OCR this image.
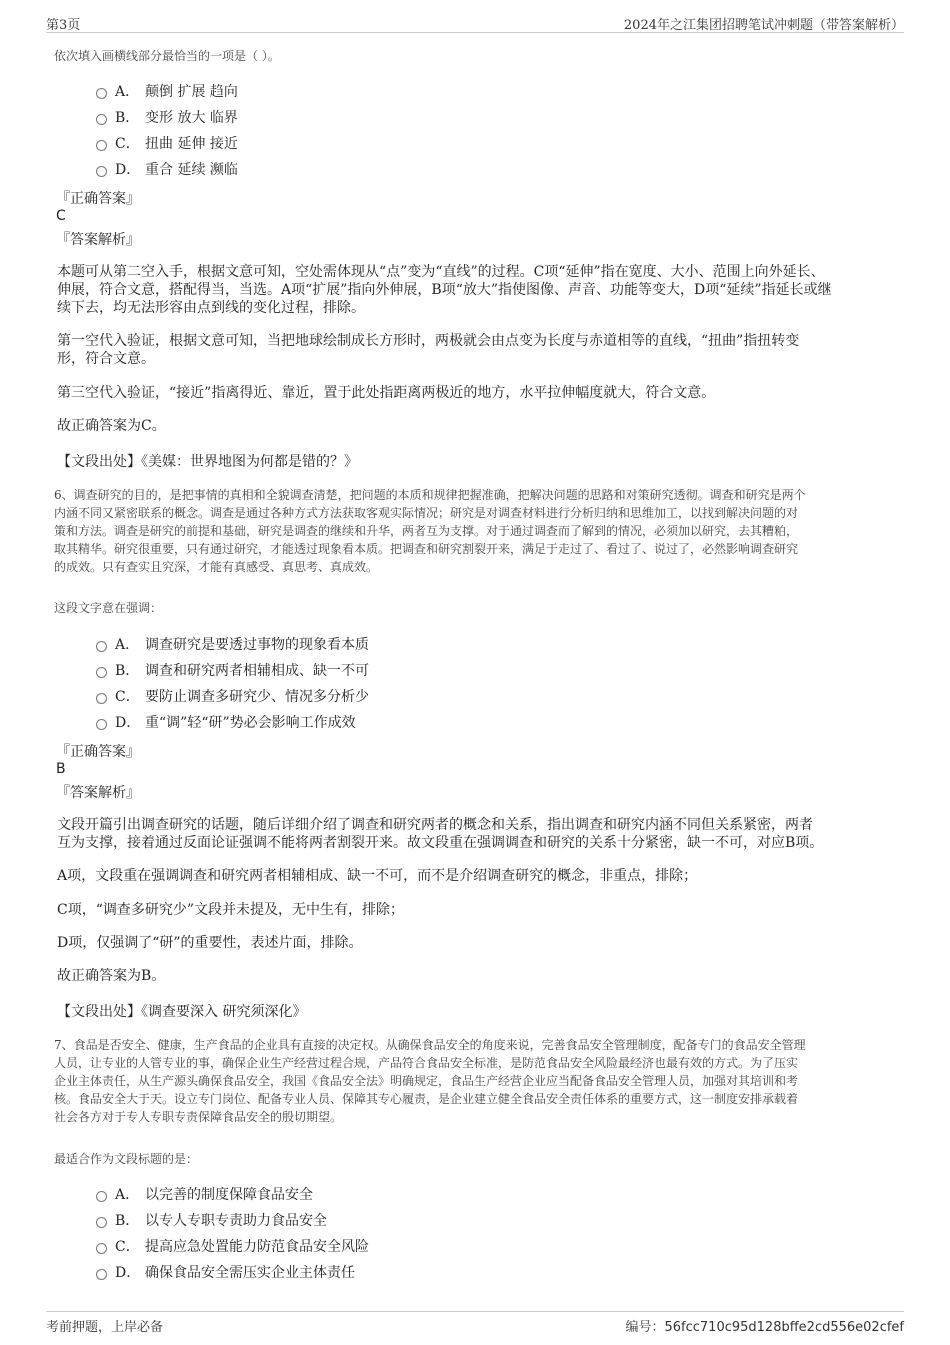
第3页	2024年之江集团招聘笔试冲刺题（带答案解析）
依次填入画横线部分最恰当的一项是（ ）。
A． 颠倒 扩展 趋向
B． 变形 放大 临界
C． 扭曲 延伸 接近
D． 重合 延续 濒临
『正确答案』
C
『答案解析』
本题可从第二空入手，根据文意可知，空处需体现从“点”变为“直线”的过程。C项“延伸”指在宽度、大小、范围上向外延长、
伸展，符合文意，搭配得当，当选。A项“扩展”指向外伸展，B项“放大”指使图像、声音、功能等变大，D项“延续”指延长或继
续下去，均无法形容由点到线的变化过程，排除。
第一空代入验证，根据文意可知，当把地球绘制成长方形时，两极就会由点变为长度与赤道相等的直线，“扭曲”指扭转变
形，符合文意。
第三空代入验证，“接近”指离得近、靠近，置于此处指距离两极近的地方，水平拉伸幅度就大，符合文意。
故正确答案为C。
【文段出处】《美媒：世界地图为何都是错的？》
6、调查研究的目的，是把事情的真相和全貌调查清楚，把问题的本质和规律把握准确，把解决问题的思路和对策研究透彻。调查和研究是两个
内涵不同又紧密联系的概念。调查是通过各种方式方法获取客观实际情况；研究是对调查材料进行分析归纳和思维加工，以找到解决问题的对
策和方法。调查是研究的前提和基础，研究是调查的继续和升华，两者互为支撑。对于通过调查而了解到的情况，必须加以研究，去其糟粕，
取其精华。研究很重要，只有通过研究，才能透过现象看本质。把调查和研究割裂开来，满足于走过了、看过了、说过了，必然影响调查研究
的成效。只有查实且究深，才能有真感受、真思考、真成效。
这段文字意在强调：
A． 调查研究是要透过事物的现象看本质
B． 调查和研究两者相辅相成、缺一不可
C． 要防止调查多研究少、情况多分析少
D． 重“调”轻“研”势必会影响工作成效
『正确答案』
B
『答案解析』
文段开篇引出调查研究的话题，随后详细介绍了调查和研究两者的概念和关系，指出调查和研究内涵不同但关系紧密，两者
互为支撑，接着通过反面论证强调不能将两者割裂开来。故文段重在强调调查和研究的关系十分紧密，缺一不可，对应B项。
A项，文段重在强调调查和研究两者相辅相成、缺一不可，而不是介绍调查研究的概念，非重点，排除；
C项，“调查多研究少”文段并未提及，无中生有，排除；
D项，仅强调了“研”的重要性，表述片面，排除。
故正确答案为B。
【文段出处】《调查要深入 研究须深化》
7、食品是否安全、健康，生产食品的企业具有直接的决定权。从确保食品安全的角度来说，完善食品安全管理制度，配备专门的食品安全管理
人员，让专业的人管专业的事，确保企业生产经营过程合规，产品符合食品安全标准，是防范食品安全风险最经济也最有效的方式。为了压实
企业主体责任，从生产源头确保食品安全，我国《食品安全法》明确规定，食品生产经营企业应当配备食品安全管理人员，加强对其培训和考
核。食品安全大于天。设立专门岗位、配备专业人员、保障其专心履责，是企业建立健全食品安全责任体系的重要方式，这一制度安排承载着
社会各方对于专人专职专责保障食品安全的殷切期望。
最适合作为文段标题的是：
A． 以完善的制度保障食品安全
B． 以专人专职专责助力食品安全
C． 提高应急处置能力防范食品安全风险
D． 确保食品安全需压实企业主体责任
考前押题，上岸必备	编号：56fcc710c95d128bffe2cd556e02cfef
